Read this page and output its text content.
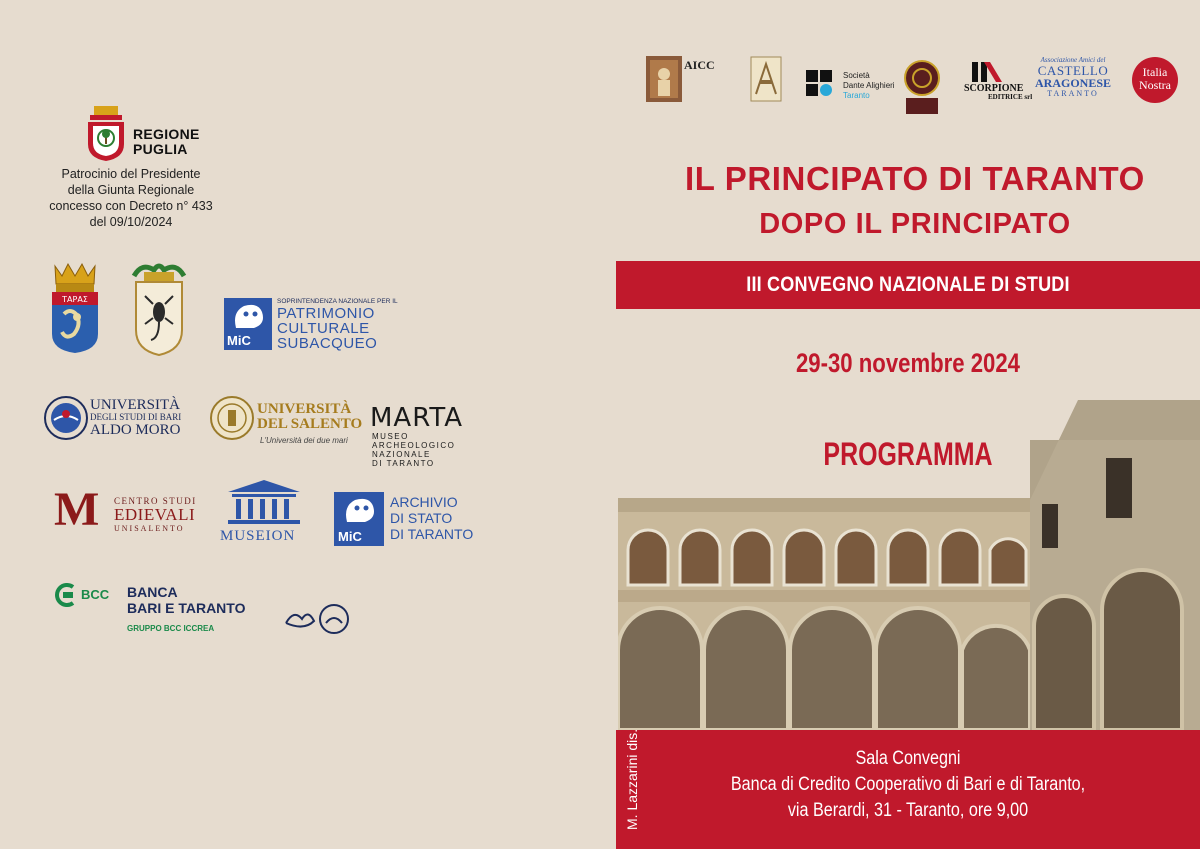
REGIONE
PUGLIA
Patrocinio del Presidente
della Giunta Regionale
concesso con Decreto n° 433
del 09/10/2024
ΤΑΡΑΣ
MiC
SOPRINTENDENZA NAZIONALE PER IL
PATRIMONIO
CULTURALE
SUBACQUEO
UNIVERSITÀ
DEGLI STUDI DI BARI
ALDO MORO
UNIVERSITÀ
DEL SALENTO
L'Università dei due mari
MARTA
MUSEO
ARCHEOLOGICO
NAZIONALE
DI TARANTO
M CENTRO STUDI
EDIEVALI
UNISALENTO MUSEION	MiC
ARCHIVIO
DI STATO
DI TARANTO
BCC BANCA
BARI E TARANTO
GRUPPO BCC ICCREA
AICC
Società
Dante Alighieri
Taranto
SCORPIONE
EDITRICE srl
Associazione Amici del
CASTELLO
ARAGONESE
TARANTO
Italia
Nostra
IL PRINCIPATO DI TARANTO
DOPO IL PRINCIPATO
III CONVEGNO NAZIONALE DI STUDI
29-30 novembre 2024
PROGRAMMA
Sala Convegni
Banca di Credito Cooperativo di Bari e di Taranto,
via Berardi, 31 - Taranto, ore 9,00
M. Lazzarini dis.
